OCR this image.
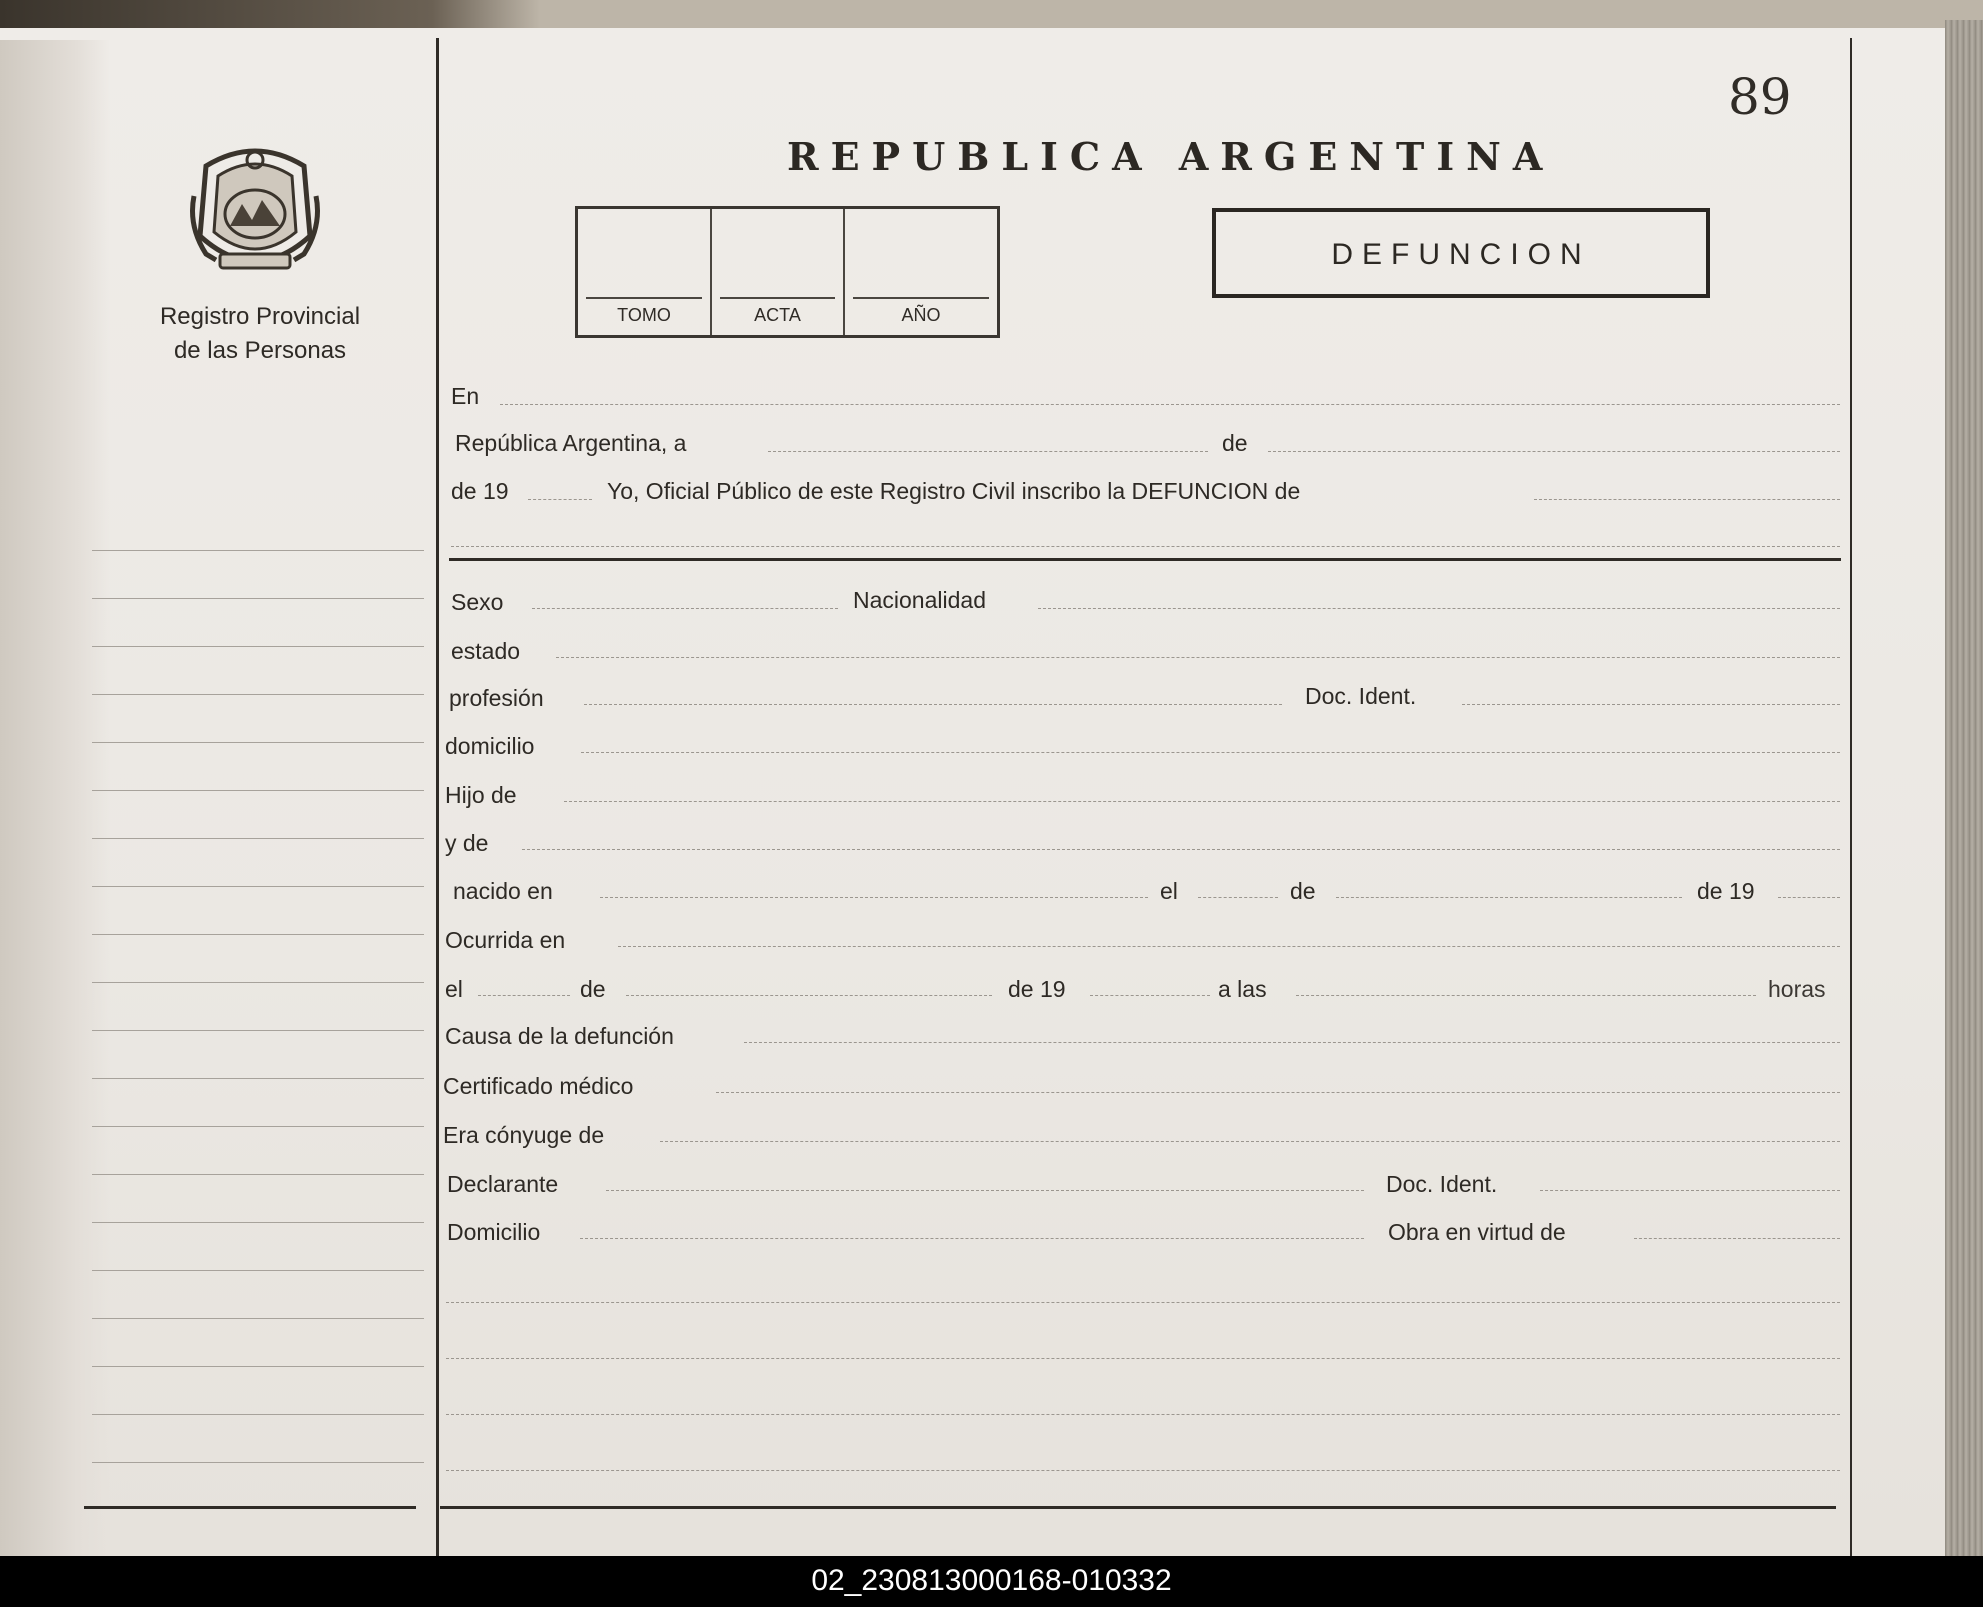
89
Registro Provincial
de las Personas
REPUBLICA ARGENTINA
TOMO	ACTA	AÑO
DEFUNCION
En
República Argentina, a	de
de 19	Yo, Oficial Público de este Registro Civil inscribo la DEFUNCION de
Sexo	Nacionalidad
estado
profesión	Doc. Ident.
domicilio
Hijo de
y de
nacido en	el	de	de 19
Ocurrida en
el	de	de 19	a las	horas
Causa de la defunción
Certificado médico
Era cónyuge de
Declarante	Doc. Ident.
Domicilio	Obra en virtud de
02_230813000168-010332
